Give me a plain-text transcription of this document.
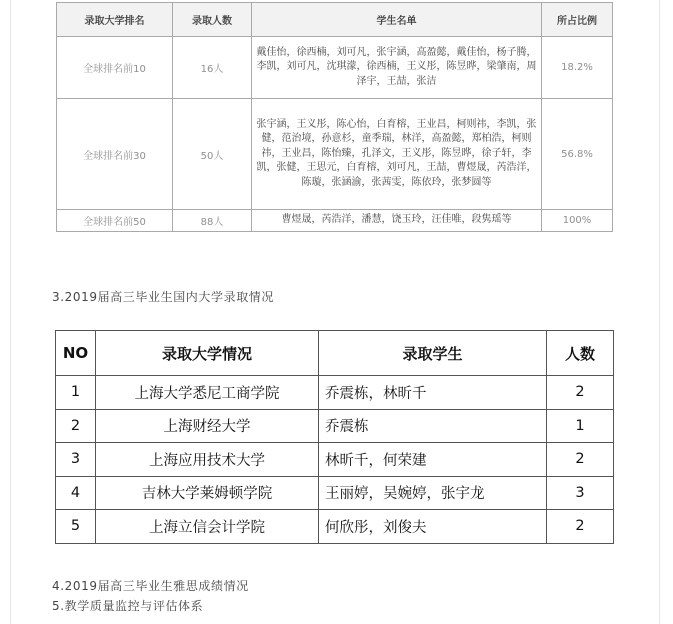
录取大学排名	录取人数	学生名单	所占比例
全球排名前10	16人	戴佳怡，徐西楠，刘可凡，张宇涵，高盈懿，戴佳怡，杨子腾，李凯，刘可凡，沈琪濛，徐西楠，王义彤，陈昱晔，梁肇南，周泽宇，王喆，张洁	18.2%
全球排名前30	50人	张宇涵，王义彤，陈心怡，白育榕，王业昌，柯则祎，李凯，张健，范治境，孙意杉，童季瑞，林洋，高盈懿，郑柏浩，柯则祎，王业昌，陈怡臻，孔泽文，王义彤，陈昱晔，徐子轩，李凯，张健，王思元，白育榕，刘可凡，王喆，曹煜晟，芮浩洋，陈璇，张涵渝，张茜雯，陈依玲，张梦圆等	56.8%
全球排名前50	88人	曹煜晟，芮浩洋，潘慧，饶玉玲，汪佳唯，段隽瑶等	100%
3.2019届高三毕业生国内大学录取情况
NO	录取大学情况	录取学生	人数
1	上海大学悉尼工商学院	乔震栋，林昕千	2
2	上海财经大学	乔震栋	1
3	上海应用技术大学	林昕千，何荣建	2
4	吉林大学莱姆顿学院	王丽婷，吴婉婷，张宇龙	3
5	上海立信会计学院	何欣彤，刘俊夫	2
4.2019届高三毕业生雅思成绩情况
5.教学质量监控与评估体系
